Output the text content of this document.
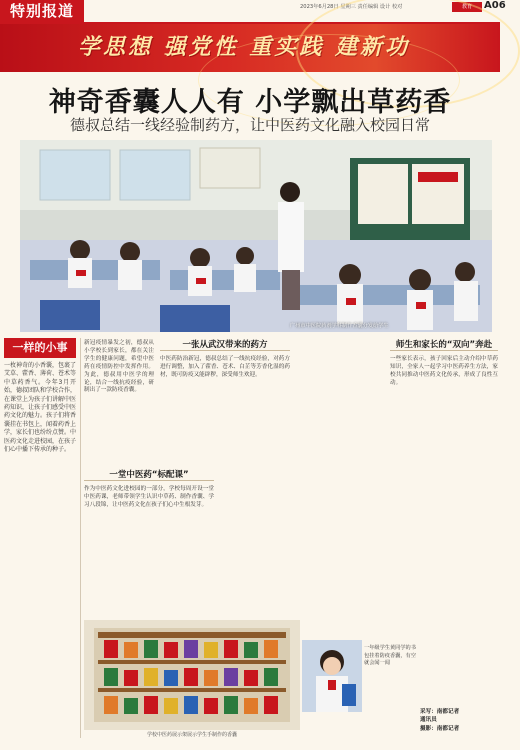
特别报道	2023年6月28日 星期三 责任编辑 设计 校对	教育	A06
学思想 强党性 重实践 建新功
神奇香囊人人有 小学飘出草药香
德叔总结一线经验制药方，让中医药文化融入校园日常
广州市中医院药剂学科制作香囊分发给学生
一样的小事
一枚神奇的小香囊，包裹了艾草、藿香、薄荷、苍术等中草药香气。今年3月开始，德叔团队和学校合作，在课堂上为孩子们讲解中医药知识，让孩子们感受中医药文化的魅力。孩子们将香囊挂在书包上，闻着药香上学，家长们也纷纷点赞。中医药文化走进校园，在孩子们心中播下传承的种子。
新冠疫情暴发之初，德叔从小学校长到家长，都在关注学生的健康问题，希望中医药在疫情防控中发挥作用。为此，德叔用中医学的理论，结合一线抗疫经验，研制出了一款防疫香囊。
一张从武汉带来的药方
中医药防治新冠，德叔总结了一线抗疫经验，对药方进行调整，加入了藿香、苍术、白芷等芳香化湿的药材，既可防疫又能辟秽，深受师生欢迎。
一堂中医药“标配课”
作为中医药文化进校园的一部分，学校每周开设一堂中医药课，老师带领学生认识中草药、制作香囊、学习八段锦，让中医药文化在孩子们心中生根发芽。
师生和家长的“双向”奔赴
一些家长表示，孩子回家后主动介绍中草药知识，全家人一起学习中医药养生方法，家校共同推动中医药文化传承，形成了良性互动。
一年级学生黄同学的书包挂着防疫香囊，有空就会闻一闻
学校中医药展示架展示学生手制作的香囊
采写：南都记者
通讯员
摄影：南都记者
